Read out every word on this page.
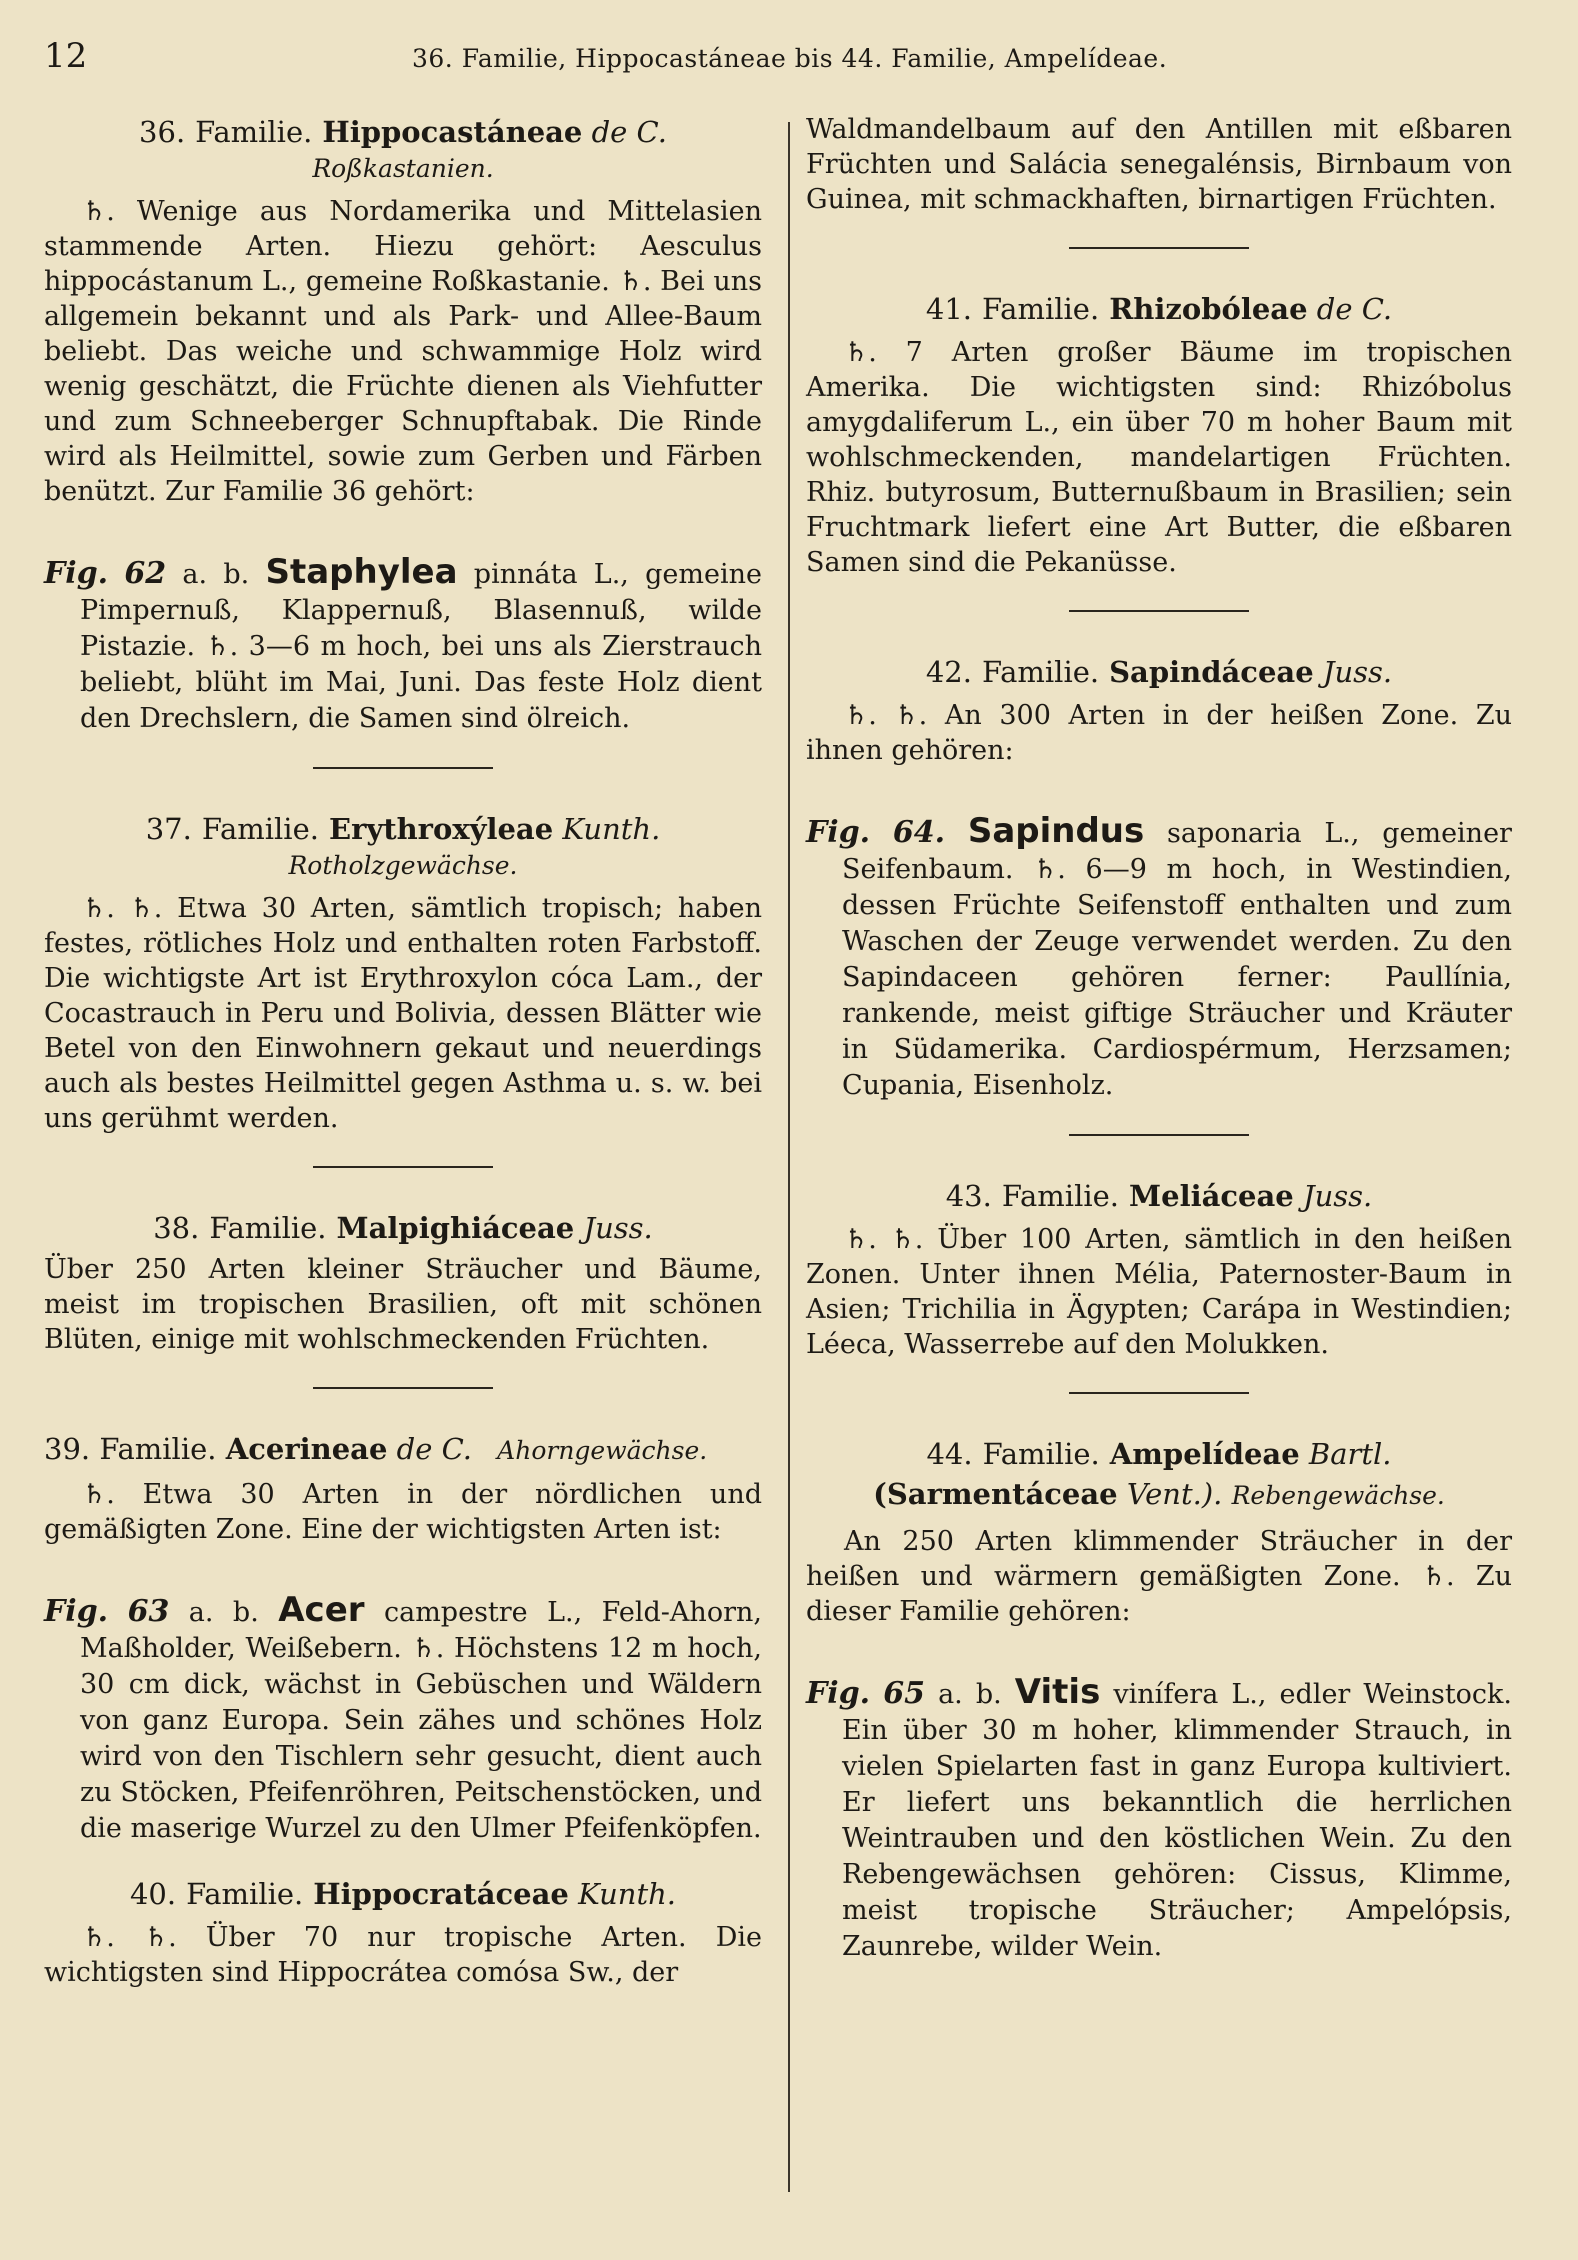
12	36. Familie, Hippocastáneae bis 44. Familie, Ampelídeae.
36. Familie. Hippocastáneae de C.
Roßkastanien.

♄. Wenige aus Nordamerika und Mittelasien stammende Arten. Hiezu gehört: Aesculus hippocástanum L., gemeine Roßkastanie. ♄. Bei uns allgemein bekannt und als Park- und Allee-Baum beliebt. Das weiche und schwammige Holz wird wenig geschätzt, die Früchte dienen als Viehfutter und zum Schneeberger Schnupftabak. Die Rinde wird als Heilmittel, sowie zum Gerben und Färben benützt. Zur Familie 36 gehört:

Fig. 62 a. b. Staphylea pinnáta L., gemeine Pimpernuß, Klappernuß, Blasennuß, wilde Pistazie. ♄. 3—6 m hoch, bei uns als Zierstrauch beliebt, blüht im Mai, Juni. Das feste Holz dient den Drechslern, die Samen sind ölreich.

37. Familie. Erythroxýleae Kunth.
Rotholzgewächse.

♄. ♄. Etwa 30 Arten, sämtlich tropisch; haben festes, rötliches Holz und enthalten roten Farbstoff. Die wichtigste Art ist Erythroxylon cóca Lam., der Cocastrauch in Peru und Bolivia, dessen Blätter wie Betel von den Einwohnern gekaut und neuerdings auch als bestes Heilmittel gegen Asthma u. s. w. bei uns gerühmt werden.

38. Familie. Malpighiáceae Juss.

Über 250 Arten kleiner Sträucher und Bäume, meist im tropischen Brasilien, oft mit schönen Blüten, einige mit wohlschmeckenden Früchten.

39. Familie. Acerineae de C. Ahorngewächse.

♄. Etwa 30 Arten in der nördlichen und gemäßigten Zone. Eine der wichtigsten Arten ist:

Fig. 63 a. b. Acer campestre L., Feld-Ahorn, Maßholder, Weißebern. ♄. Höchstens 12 m hoch, 30 cm dick, wächst in Gebüschen und Wäldern von ganz Europa. Sein zähes und schönes Holz wird von den Tischlern sehr gesucht, dient auch zu Stöcken, Pfeifenröhren, Peitschenstöcken, und die maserige Wurzel zu den Ulmer Pfeifenköpfen.

40. Familie. Hippocratáceae Kunth.

♄. ♄. Über 70 nur tropische Arten. Die wichtigsten sind Hippocrátea comósa Sw., der

Waldmandelbaum auf den Antillen mit eßbaren Früchten und Salácia senegalénsis, Birnbaum von Guinea, mit schmackhaften, birnartigen Früchten.

41. Familie. Rhizobóleae de C.

♄. 7 Arten großer Bäume im tropischen Amerika. Die wichtigsten sind: Rhizóbolus amygdaliferum L., ein über 70 m hoher Baum mit wohlschmeckenden, mandelartigen Früchten. Rhiz. butyrosum, Butternußbaum in Brasilien; sein Fruchtmark liefert eine Art Butter, die eßbaren Samen sind die Pekanüsse.

42. Familie. Sapindáceae Juss.

♄. ♄. An 300 Arten in der heißen Zone. Zu ihnen gehören:

Fig. 64. Sapindus saponaria L., gemeiner Seifenbaum. ♄. 6—9 m hoch, in Westindien, dessen Früchte Seifenstoff enthalten und zum Waschen der Zeuge verwendet werden. Zu den Sapindaceen gehören ferner: Paullínia, rankende, meist giftige Sträucher und Kräuter in Südamerika. Cardiospérmum, Herzsamen; Cupania, Eisenholz.

43. Familie. Meliáceae Juss.

♄. ♄. Über 100 Arten, sämtlich in den heißen Zonen. Unter ihnen Mélia, Paternoster-Baum in Asien; Trichilia in Ägypten; Carápa in Westindien; Léeca, Wasserrebe auf den Molukken.

44. Familie. Ampelídeae Bartl. (Sarmentáceae Vent.). Rebengewächse.

An 250 Arten klimmender Sträucher in der heißen und wärmern gemäßigten Zone. ♄. Zu dieser Familie gehören:

Fig. 65 a. b. Vitis vinífera L., edler Weinstock. Ein über 30 m hoher, klimmender Strauch, in vielen Spielarten fast in ganz Europa kultiviert. Er liefert uns bekanntlich die herrlichen Weintrauben und den köstlichen Wein. Zu den Rebengewächsen gehören: Cissus, Klimme, meist tropische Sträucher; Ampelópsis, Zaunrebe, wilder Wein.
